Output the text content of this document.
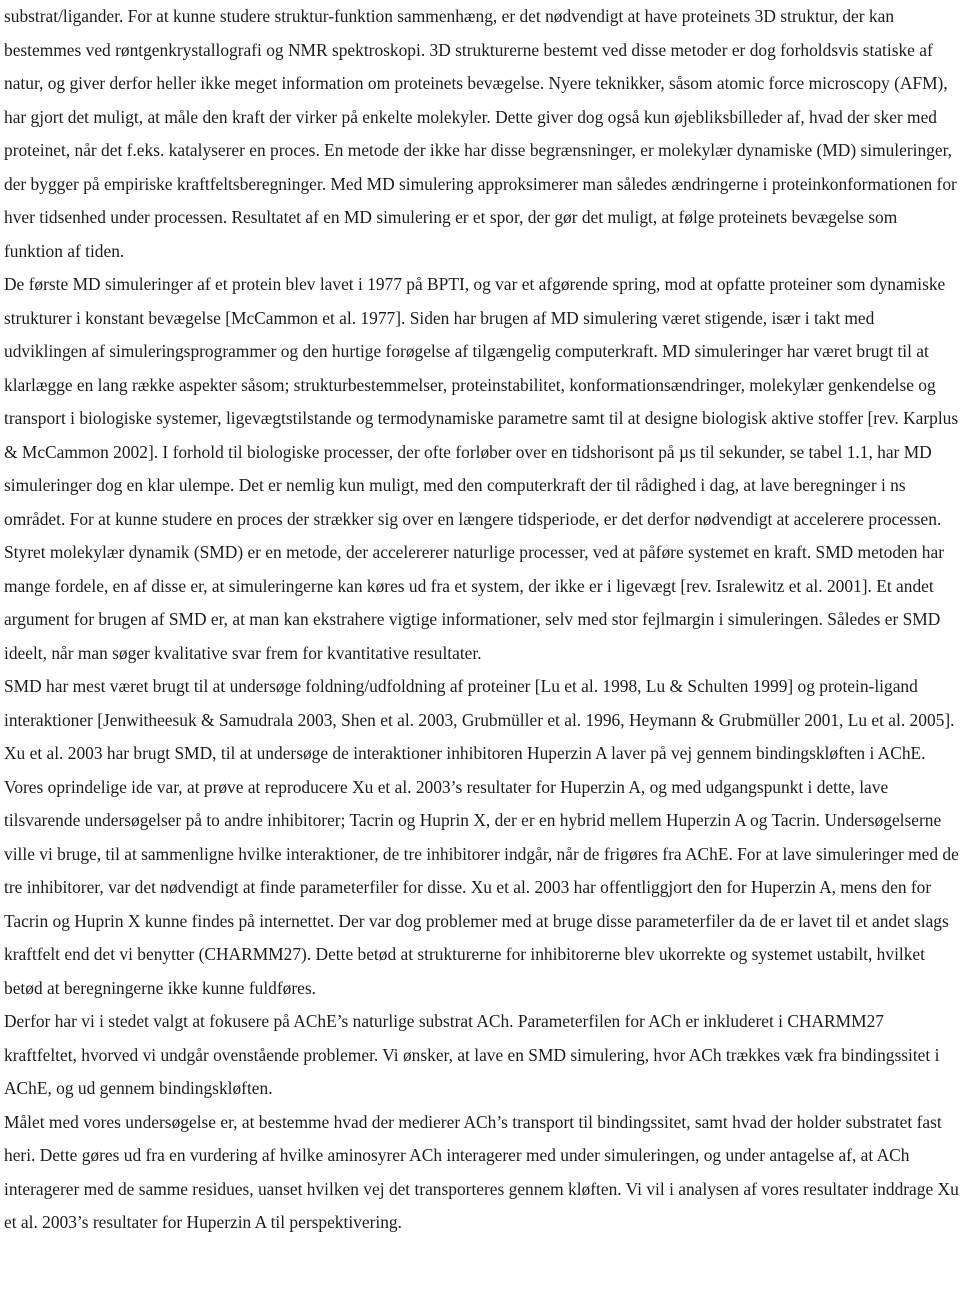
substrat/ligander. For at kunne studere struktur-funktion sammenhæng, er det nødvendigt at have proteinets 3D struktur, der kan bestemmes ved røntgenkrystallografi og NMR spektroskopi. 3D strukturerne bestemt ved disse metoder er dog forholdsvis statiske af natur, og giver derfor heller ikke meget information om proteinets bevægelse. Nyere teknikker, såsom atomic force microscopy (AFM), har gjort det muligt, at måle den kraft der virker på enkelte molekyler. Dette giver dog også kun øjebliksbilleder af, hvad der sker med proteinet, når det f.eks. katalyserer en proces. En metode der ikke har disse begrænsninger, er molekylær dynamiske (MD) simuleringer, der bygger på empiriske kraftfeltsberegninger. Med MD simulering approksimerer man således ændringerne i proteinkonformationen for hver tidsenhed under processen. Resultatet af en MD simulering er et spor, der gør det muligt, at følge proteinets bevægelse som funktion af tiden.

De første MD simuleringer af et protein blev lavet i 1977 på BPTI, og var et afgørende spring, mod at opfatte proteiner som dynamiske strukturer i konstant bevægelse [McCammon et al. 1977]. Siden har brugen af MD simulering været stigende, især i takt med udviklingen af simuleringsprogrammer og den hurtige forøgelse af tilgængelig computerkraft. MD simuleringer har været brugt til at klarlægge en lang række aspekter såsom; strukturbestemmelser, proteinstabilitet, konformationsændringer, molekylær genkendelse og transport i biologiske systemer, ligevægtstilstande og termodynamiske parametre samt til at designe biologisk aktive stoffer [rev. Karplus & McCammon 2002]. I forhold til biologiske processer, der ofte forløber over en tidshorisont på µs til sekunder, se tabel 1.1, har MD simuleringer dog en klar ulempe. Det er nemlig kun muligt, med den computerkraft der til rådighed i dag, at lave beregninger i ns området. For at kunne studere en proces der strækker sig over en længere tidsperiode, er det derfor nødvendigt at accelerere processen. Styret molekylær dynamik (SMD) er en metode, der accelererer naturlige processer, ved at påføre systemet en kraft. SMD metoden har mange fordele, en af disse er, at simuleringerne kan køres ud fra et system, der ikke er i ligevægt [rev. Isralewitz et al. 2001]. Et andet argument for brugen af SMD er, at man kan ekstrahere vigtige informationer, selv med stor fejlmargin i simuleringen. Således er SMD ideelt, når man søger kvalitative svar frem for kvantitative resultater.

SMD har mest været brugt til at undersøge foldning/udfoldning af proteiner [Lu et al. 1998, Lu & Schulten 1999] og protein-ligand interaktioner [Jenwitheesuk & Samudrala 2003, Shen et al. 2003, Grubmüller et al. 1996, Heymann & Grubmüller 2001, Lu et al. 2005]. Xu et al. 2003 har brugt SMD, til at undersøge de interaktioner inhibitoren Huperzin A laver på vej gennem bindingskløften i AChE. Vores oprindelige ide var, at prøve at reproducere Xu et al. 2003’s resultater for Huperzin A, og med udgangspunkt i dette, lave tilsvarende undersøgelser på to andre inhibitorer; Tacrin og Huprin X, der er en hybrid mellem Huperzin A og Tacrin. Undersøgelserne ville vi bruge, til at sammenligne hvilke interaktioner, de tre inhibitorer indgår, når de frigøres fra AChE. For at lave simuleringer med de tre inhibitorer, var det nødvendigt at finde parameterfiler for disse. Xu et al. 2003 har offentliggjort den for Huperzin A, mens den for Tacrin og Huprin X kunne findes på internettet. Der var dog problemer med at bruge disse parameterfiler da de er lavet til et andet slags kraftfelt end det vi benytter (CHARMM27). Dette betød at strukturerne for inhibitorerne blev ukorrekte og systemet ustabilt, hvilket betød at beregningerne ikke kunne fuldføres.

Derfor har vi i stedet valgt at fokusere på AChE’s naturlige substrat ACh. Parameterfilen for ACh er inkluderet i CHARMM27 kraftfeltet, hvorved vi undgår ovenstående problemer. Vi ønsker, at lave en SMD simulering, hvor ACh trækkes væk fra bindingssitet i AChE, og ud gennem bindingskløften.

Målet med vores undersøgelse er, at bestemme hvad der medierer ACh’s transport til bindingssitet, samt hvad der holder substratet fast heri. Dette gøres ud fra en vurdering af hvilke aminosyrer ACh interagerer med under simuleringen, og under antagelse af, at ACh interagerer med de samme residues, uanset hvilken vej det transporteres gennem kløften. Vi vil i analysen af vores resultater inddrage Xu et al. 2003’s resultater for Huperzin A til perspektivering.
